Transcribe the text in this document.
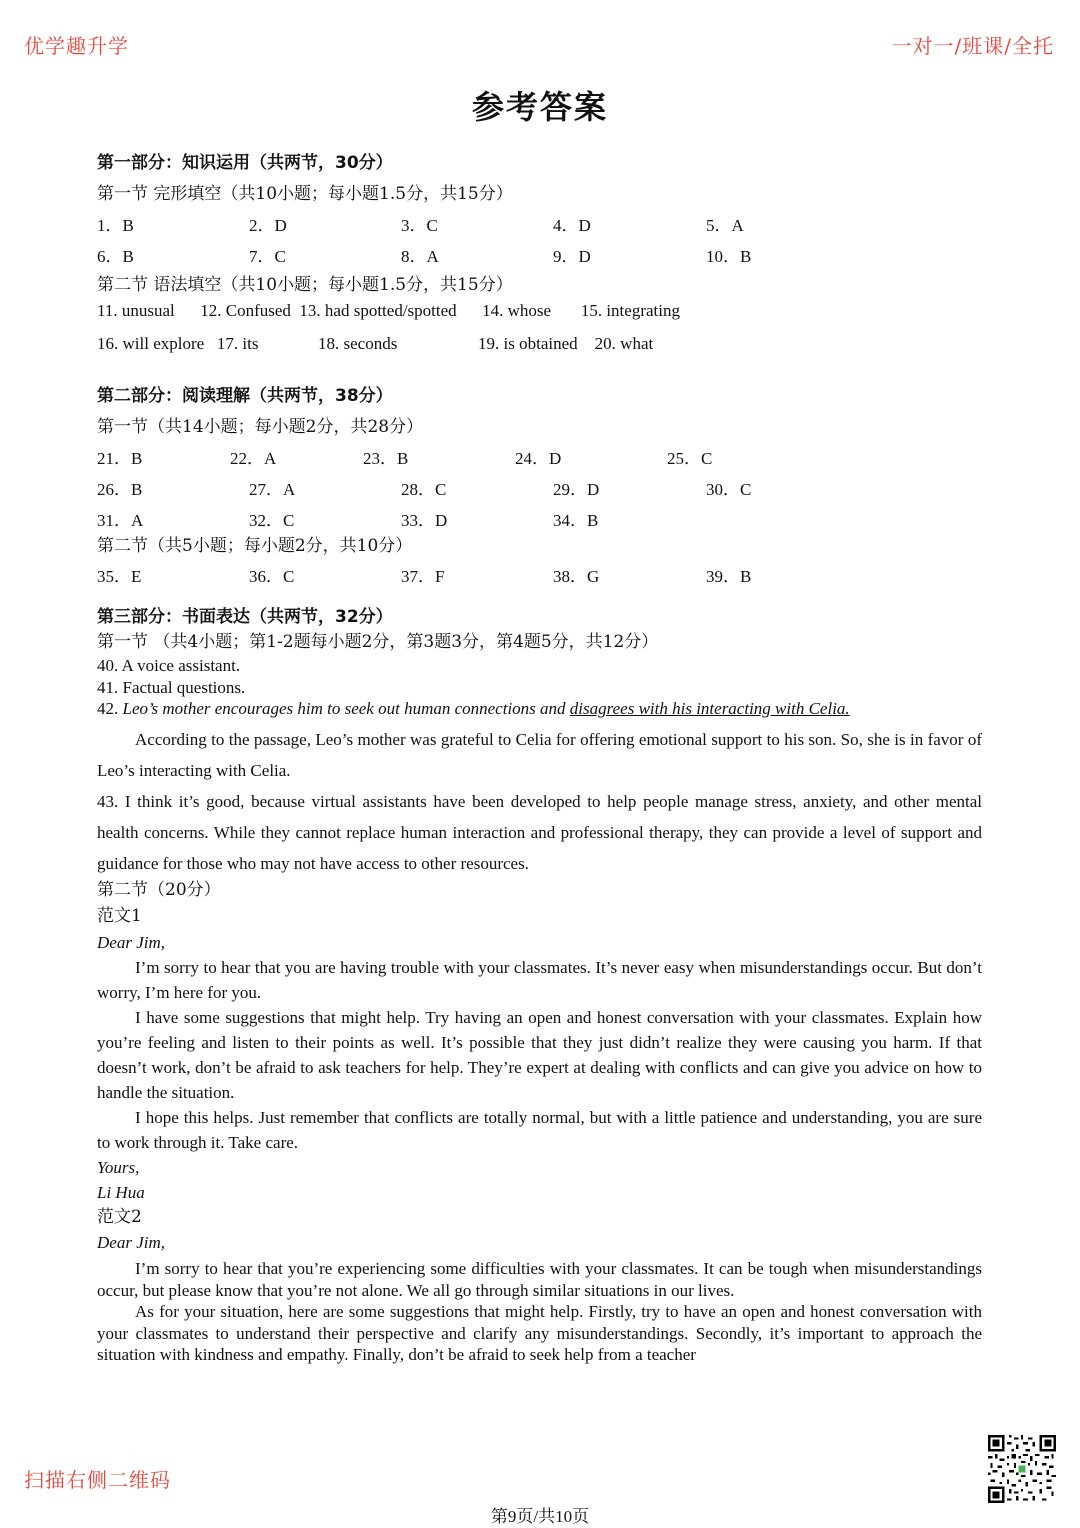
优学趣升学	一对一/班课/全托
参考答案
第一部分：知识运用（共两节，30分）
第一节 完形填空（共10小题；每小题1.5分，共15分）
1．B	2．D	3．C	4．D	5．A
6．B	7．C	8．A	9．D	10．B
第二节 语法填空（共10小题；每小题1.5分，共15分）
11. unusual      12. Confused  13. had spotted/spotted      14. whose       15. integrating
16. will explore   17. its              18. seconds                   19. is obtained    20. what
第二部分：阅读理解（共两节，38分）
第一节（共14小题；每小题2分，共28分）
21．B	22．A	23．B	24．D	25．C
26．B	27．A	28．C	29．D	30．C
31．A	32．C	33．D	34．B
第二节（共5小题；每小题2分，共10分）
35．E	36．C	37．F	38．G	39．B
第三部分：书面表达（共两节，32分）
第一节 （共4小题；第1-2题每小题2分，第3题3分，第4题5分，共12分）
40. A voice assistant.
41. Factual questions.
42. Leo’s mother encourages him to seek out human connections and disagrees with his interacting with Celia.
According to the passage, Leo’s mother was grateful to Celia for offering emotional support to his son. So, she is in favor of Leo’s interacting with Celia.
43. I think it’s good, because virtual assistants have been developed to help people manage stress, anxiety, and other mental health concerns. While they cannot replace human interaction and professional therapy, they can provide a level of support and guidance for those who may not have access to other resources.
第二节（20分）
范文1
Dear Jim,
I’m sorry to hear that you are having trouble with your classmates. It’s never easy when misunderstandings occur. But don’t worry, I’m here for you.
I have some suggestions that might help. Try having an open and honest conversation with your classmates. Explain how you’re feeling and listen to their points as well. It’s possible that they just didn’t realize they were causing you harm. If that doesn’t work, don’t be afraid to ask teachers for help. They’re expert at dealing with conflicts and can give you advice on how to handle the situation.
I hope this helps. Just remember that conflicts are totally normal, but with a little patience and understanding, you are sure to work through it. Take care.
Yours,
Li Hua
范文2
Dear Jim,
I’m sorry to hear that you’re experiencing some difficulties with your classmates. It can be tough when misunderstandings occur, but please know that you’re not alone. We all go through similar situations in our lives.
As for your situation, here are some suggestions that might help. Firstly, try to have an open and honest conversation with your classmates to understand their perspective and clarify any misunderstandings. Secondly, it’s important to approach the situation with kindness and empathy. Finally, don’t be afraid to seek help from a teacher
扫描右侧二维码
第9页/共10页
